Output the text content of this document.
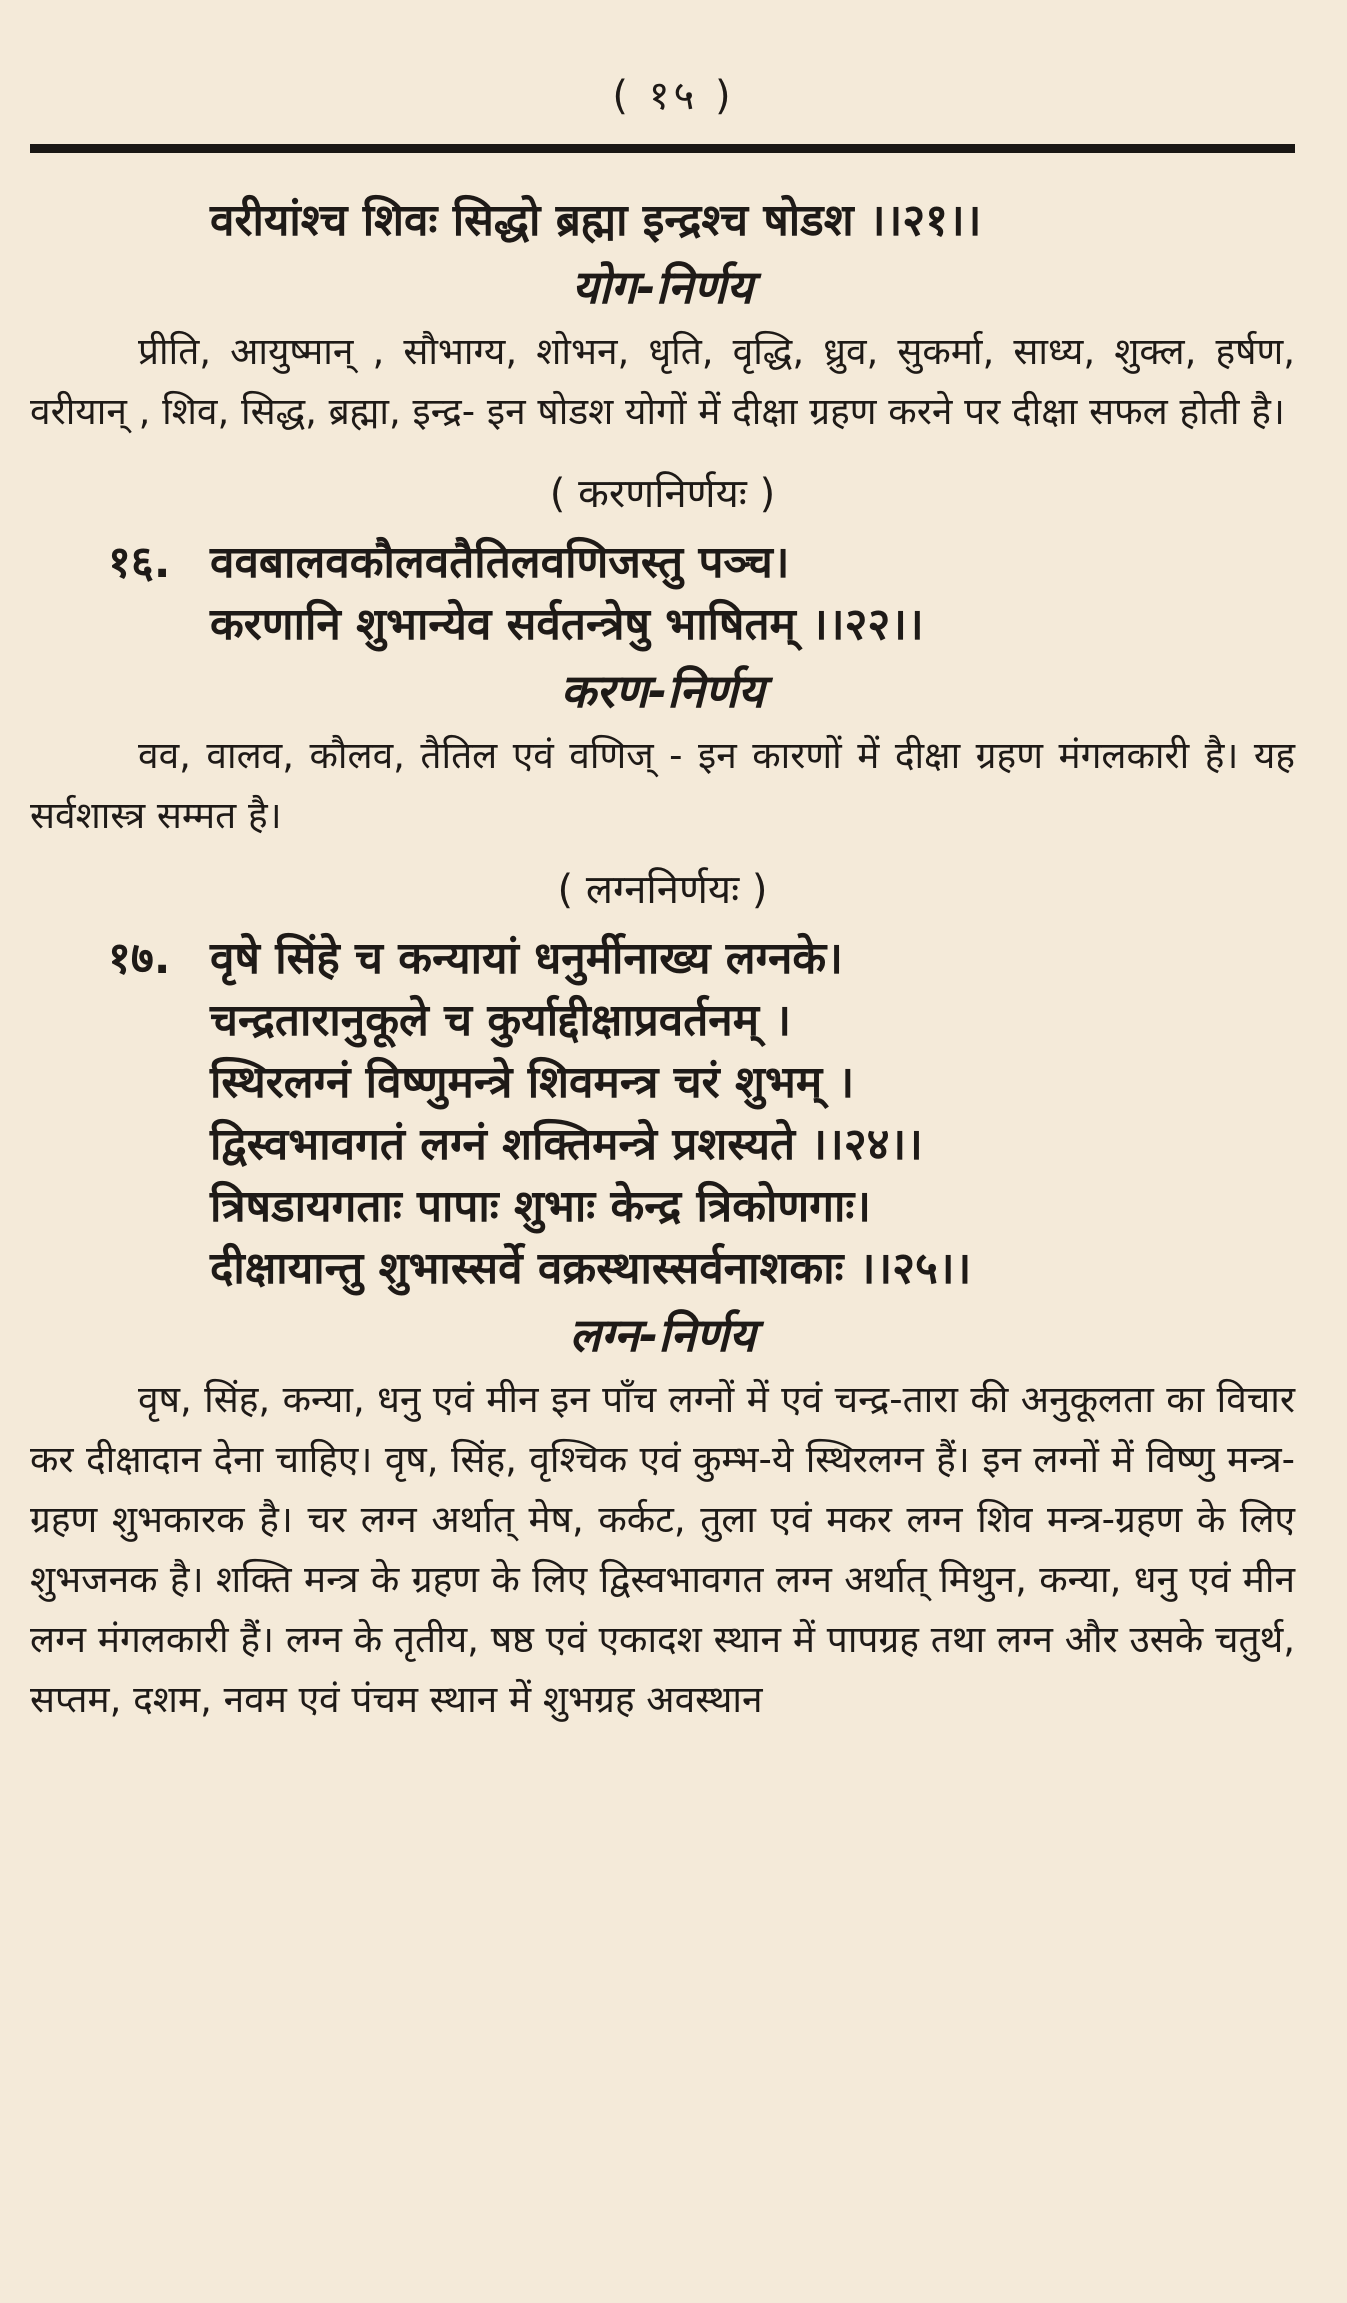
( १५ )

वरीयांश्च शिवः सिद्धो ब्रह्मा इन्द्रश्च षोडश ।।२१।।

योग-निर्णय

प्रीति, आयुष्मान् , सौभाग्य, शोभन, धृति, वृद्धि, ध्रुव, सुकर्मा, साध्य, शुक्ल, हर्षण, वरीयान् , शिव, सिद्ध, ब्रह्मा, इन्द्र- इन षोडश योगों में दीक्षा ग्रहण करने पर दीक्षा सफल होती है।

( करणनिर्णयः )

१६. ववबालवकौलवतैतिलवणिजस्तु पञ्च।

करणानि शुभान्येव सर्वतन्त्रेषु भाषितम् ।।२२।।

करण-निर्णय

वव, वालव, कौलव, तैतिल एवं वणिज् - इन कारणों में दीक्षा ग्रहण मंगलकारी है। यह सर्वशास्त्र सम्मत है।

( लग्ननिर्णयः )

१७. वृषे सिंहे च कन्यायां धनुर्मीनाख्य लग्नके।

चन्द्रतारानुकूले च कुर्याद्दीक्षाप्रवर्तनम् ।

स्थिरलग्नं विष्णुमन्त्रे शिवमन्त्र चरं शुभम् ।

द्विस्वभावगतं लग्नं शक्तिमन्त्रे प्रशस्यते ।।२४।।

त्रिषडायगताः पापाः शुभाः केन्द्र त्रिकोणगाः।

दीक्षायान्तु शुभास्सर्वे वक्रस्थास्सर्वनाशकाः ।।२५।।

लग्न-निर्णय

वृष, सिंह, कन्या, धनु एवं मीन इन पाँच लग्नों में एवं चन्द्र-तारा की अनुकूलता का विचार कर दीक्षादान देना चाहिए। वृष, सिंह, वृश्चिक एवं कुम्भ-ये स्थिरलग्न हैं। इन लग्नों में विष्णु मन्त्र-ग्रहण शुभकारक है। चर लग्न अर्थात् मेष, कर्कट, तुला एवं मकर लग्न शिव मन्त्र-ग्रहण के लिए शुभजनक है। शक्ति मन्त्र के ग्रहण के लिए द्विस्वभावगत लग्न अर्थात् मिथुन, कन्या, धनु एवं मीन लग्न मंगलकारी हैं। लग्न के तृतीय, षष्ठ एवं एकादश स्थान में पापग्रह तथा लग्न और उसके चतुर्थ, सप्तम, दशम, नवम एवं पंचम स्थान में शुभग्रह अवस्थान
